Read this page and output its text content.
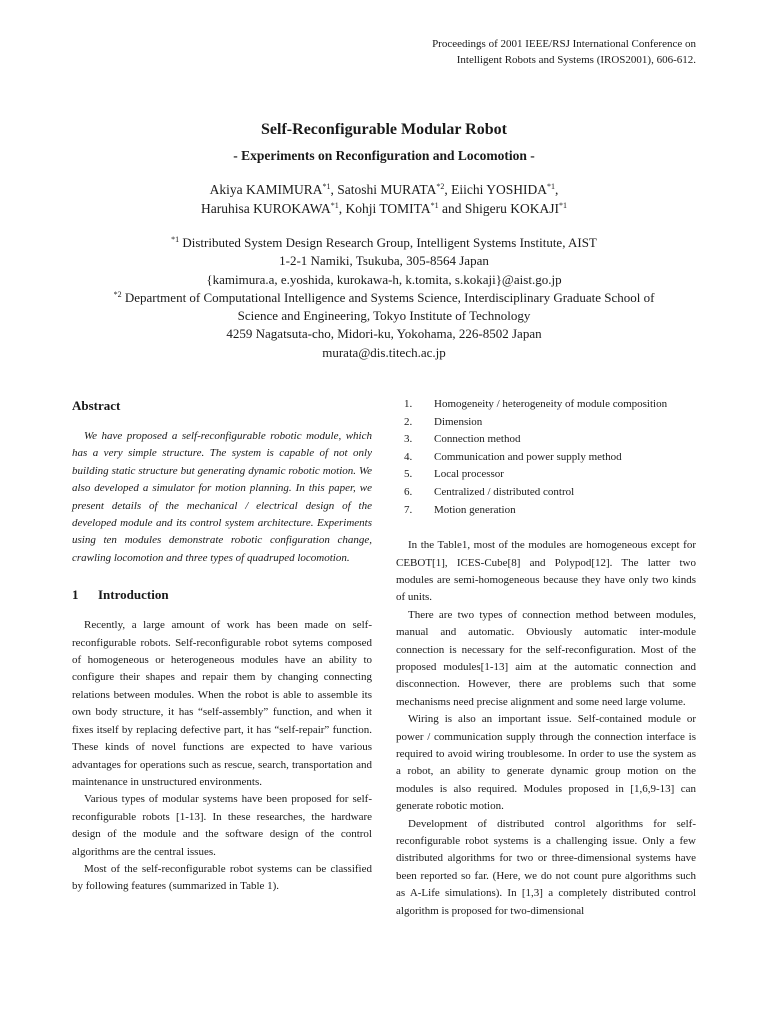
Proceedings of 2001 IEEE/RSJ International Conference on
Intelligent Robots and Systems (IROS2001), 606-612.
Self-Reconfigurable Modular Robot
- Experiments on Reconfiguration and Locomotion -
Akiya KAMIMURA$^{*1}$, Satoshi MURATA$^{*2}$, Eiichi YOSHIDA$^{*1}$,
Haruhisa KUROKAWA$^{*1}$, Kohji TOMITA$^{*1}$ and Shigeru KOKAJI$^{*1}$
$^{*1}$ Distributed System Design Research Group, Intelligent Systems Institute, AIST
1-2-1 Namiki, Tsukuba, 305-8564 Japan
{kamimura.a, e.yoshida, kurokawa-h, k.tomita, s.kokaji}@aist.go.jp
$^{*2}$ Department of Computational Intelligence and Systems Science, Interdisciplinary Graduate School of
Science and Engineering, Tokyo Institute of Technology
4259 Nagatsuta-cho, Midori-ku, Yokohama, 226-8502 Japan
murata@dis.titech.ac.jp
Abstract

We have proposed a self-reconfigurable robotic module, which has a very simple structure. The system is capable of not only building static structure but generating dynamic robotic motion. We also developed a simulator for motion planning. In this paper, we present details of the mechanical / electrical design of the developed module and its control system architecture. Experiments using ten modules demonstrate robotic configuration change, crawling locomotion and three types of quadruped locomotion.

1 Introduction

Recently, a large amount of work has been made on self-reconfigurable robots. Self-reconfigurable robot sytems composed of homogeneous or heterogeneous modules have an ability to configure their shapes and repair them by changing connecting relations between modules. When the robot is able to assemble its own body structure, it has “self-assembly” function, and when it fixes itself by replacing defective part, it has “self-repair” function. These kinds of novel functions are expected to have various advantages for operations such as rescue, search, transportation and maintenance in unstructured environments.

Various types of modular systems have been proposed for self-reconfigurable robots [1-13]. In these researches, the hardware design of the module and the software design of the control algorithms are the central issues.

Most of the self-reconfigurable robot systems can be classified by following features (summarized in Table 1).

1.	Homogeneity / heterogeneity of module composition
2.	Dimension
3.	Connection method
4.	Communication and power supply method
5.	Local processor
6.	Centralized / distributed control
7.	Motion generation

In the Table1, most of the modules are homogeneous except for CEBOT[1], ICES-Cube[8] and Polypod[12]. The latter two modules are semi-homogeneous because they have only two kinds of units.

There are two types of connection method between modules, manual and automatic. Obviously automatic inter-module connection is necessary for the self-reconfiguration. Most of the proposed modules[1-13] aim at the automatic connection and disconnection. However, there are problems such that some mechanisms need precise alignment and some need large volume.

Wiring is also an important issue. Self-contained module or power / communication supply through the connection interface is required to avoid wiring troublesome. In order to use the system as a robot, an ability to generate dynamic group motion on the modules is also required. Modules proposed in [1,6,9-13] can generate robotic motion.

Development of distributed control algorithms for self-reconfigurable robot systems is a challenging issue. Only a few distributed algorithms for two or three-dimensional systems have been reported so far. (Here, we do not count pure algorithms such as A-Life simulations). In [1,3] a completely distributed control algorithm is proposed for two-dimensional
